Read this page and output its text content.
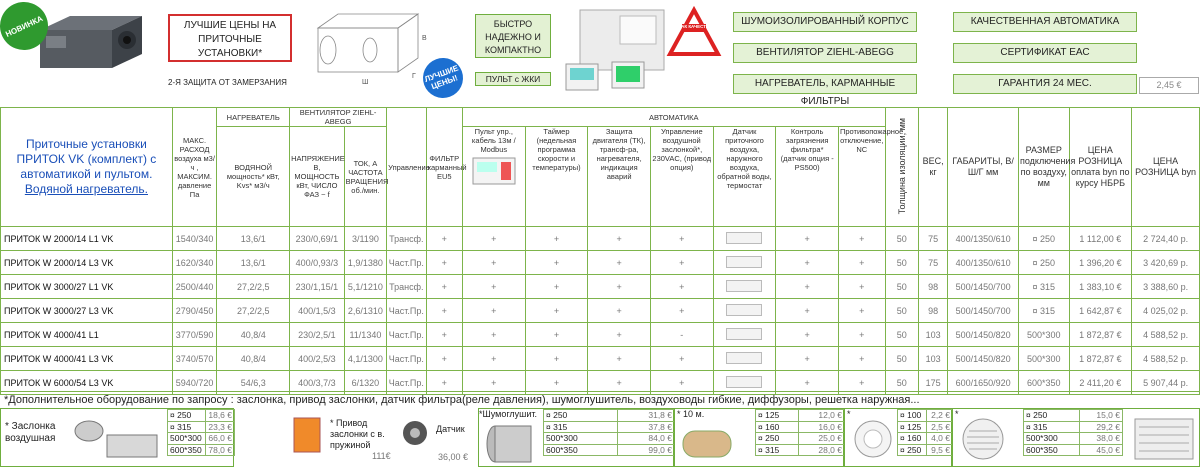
НОВИНКА	ЛУЧШИЕ ЦЕНЫ НА ПРИТОЧНЫЕ УСТАНОВКИ*
2-Я ЗАЩИТА ОТ ЗАМЕРЗАНИЯ
В
Ш
Г ЛУЧШИЕ ЦЕНЫ!
БЫСТРО НАДЕЖНО И КОМПАКТНО
ПУЛЬТ с ЖКИ
ЗНАК КАЧЕСТВА	ШУМОИЗОЛИРОВАННЫЙ КОРПУС	КАЧЕСТВЕННАЯ АВТОМАТИКА
ВЕНТИЛЯТОР ZIEHL-ABEGG	СЕРТИФИКАТ ЕАС
НАГРЕВАТЕЛЬ, КАРМАННЫЕ ФИЛЬТРЫ
ГАРАНТИЯ 24 МЕС.	2,45 €
Приточные установки ПРИТОК VK (комплект) с автоматикой и пультом.
Водяной нагреватель.	МАКС. РАСХОД воздуха м3/ч , МАКСИМ. давление Па	НАГРЕВАТЕЛЬ	ВЕНТИЛЯТОР ZIEHL-ABEGG		Управление	ФИЛЬТР карманный EU5	АВТОМАТИКА							Толщина изоляции, мм	ВЕС, кг	ГАБАРИТЫ, В/Ш/Г мм	РАЗМЕР подключения по воздуху, мм	ЦЕНА РОЗНИЦА оплата byn по курсу НБРБ	ЦЕНА РОЗНИЦА byn
		ВОДЯНОЙ мощность* кВт, Kvs* м3/ч	НАПРЯЖЕНИЕ В, МОЩНОСТЬ кВт, ЧИСЛО ФАЗ ~ f	ТОК, А ЧАСТОТА ВРАЩЕНИЯ об./мин.			Пульт упр., кабель 13м / Modbus	Таймер (недельная программа скорости и температуры)	Защита двигателя (ТК), трансф-ра, нагревателя, индикация аварий	Управление воздушной заслонкой*, 230VAC, (привод опция)	Датчик приточного воздуха, наружного воздуха, обратной воды, термостат	Контроль загрязнения фильтра* (датчик опция - PS500)	Противопожарное отключение, NC						
ПРИТОК W 2000/14 L1 VK	1540/340	13,6/1	230/0,69/1	3/1190	Трансф.	+	+	+	+	+		+	+	50	75	400/1350/610	¤ 250	1 112,00 €	2 724,40 р.
ПРИТОК W 2000/14 L3 VK	1620/340	13,6/1	400/0,93/3	1,9/1380	Част.Пр.	+	+	+	+	+		+	+	50	75	400/1350/610	¤ 250	1 396,20 €	3 420,69 р.
ПРИТОК W 3000/27 L1 VK	2500/440	27,2/2,5	230/1,15/1	5,1/1210	Трансф.	+	+	+	+	+		+	+	50	98	500/1450/700	¤ 315	1 383,10 €	3 388,60 р.
ПРИТОК W 3000/27 L3 VK	2790/450	27,2/2,5	400/1,5/3	2,6/1310	Част.Пр.	+	+	+	+	+		+	+	50	98	500/1450/700	¤ 315	1 642,87 €	4 025,02 р.
ПРИТОК W 4000/41 L1	3770/590	40,8/4	230/2,5/1	11/1340	Част.Пр.	+	+	+	+	-		+	+	50	103	500/1450/820	500*300	1 872,87 €	4 588,52 р.
ПРИТОК W 4000/41 L3 VK	3740/570	40,8/4	400/2,5/3	4,1/1300	Част.Пр.	+	+	+	+	+		+	+	50	103	500/1450/820	500*300	1 872,87 €	4 588,52 р.
ПРИТОК W 6000/54 L3 VK	5940/720	54/6,3	400/3,7/3	6/1320	Част.Пр.	+	+	+	+	+		+	+	50	175	600/1650/920	600*350	2 411,20 €	5 907,44 р.
*Дополнительное оборудование по запросу : заслонка, привод заслонки, датчик фильтра(реле давления), шумоглушитель, воздуховоды гибкие, диффузоры, решетка наружная...
* Заслонка воздушная
¤ 250	18,6 €
¤ 315	23,3 €
500*300	66,0 €
600*350	78,0 €
* Привод заслонки с в. пружиной
111€
Датчик
36,00 €
*Шумоглушит. ¤ 250	31,8 €
¤ 315	37,8 €
500*300	84,0 €
600*350	99,0 €
* 10 м.	¤ 125	12,0 €
¤ 160	16,0 €
¤ 250	25,0 €
¤ 315	28,0 €
*	¤ 100	2,2 €
¤ 125	2,5 €
¤ 160	4,0 €
¤ 250	9,5 €
*	¤ 250	15,0 €
¤ 315	29,2 €
500*300	38,0 €
600*350	45,0 €
